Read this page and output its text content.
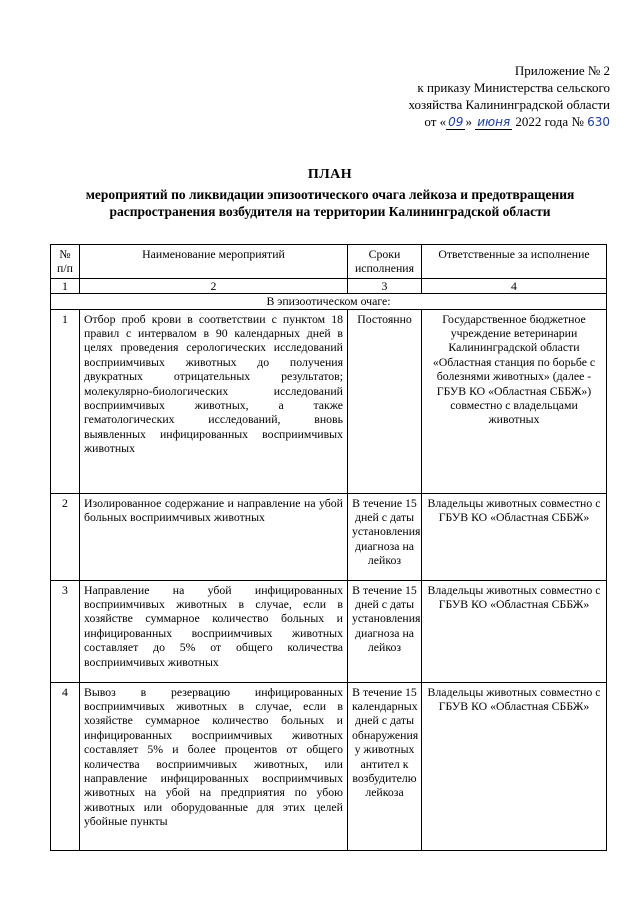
Приложение № 2
к приказу Министерства сельского
хозяйства Калининградской области
от « 09 » июня 2022 года № 630
ПЛАН
мероприятий по ликвидации эпизоотического очага лейкоза и предотвращения распространения возбудителя на территории Калининградской области
№ п/п	Наименование мероприятий	Сроки исполнения	Ответственные за исполнение
1	2	3	4
В эпизоотическом очаге:			
1	Отбор проб крови в соответствии с пунктом 18 правил с интервалом в 90 календарных дней в целях проведения серологических исследований восприимчивых животных до получения двукратных отрицательных результатов; молекулярно-биологических исследований восприимчивых животных, а также гематологических исследований, вновь выявленных инфицированных восприимчивых животных	Постоянно	Государственное бюджетное учреждение ветеринарии Калининградской области «Областная станция по борьбе с болезнями животных» (далее - ГБУВ КО «Областная СББЖ») совместно с владельцами животных
2	Изолированное содержание и направление на убой больных восприимчивых животных	В течение 15 дней с даты установления диагноза на лейкоз	Владельцы животных совместно с ГБУВ КО «Областная СББЖ»
3	Направление на убой инфицированных восприимчивых животных в случае, если в хозяйстве суммарное количество больных и инфицированных восприимчивых животных составляет до 5% от общего количества восприимчивых животных	В течение 15 дней с даты установления диагноза на лейкоз	Владельцы животных совместно с ГБУВ КО «Областная СББЖ»
4	Вывоз в резервацию инфицированных восприимчивых животных в случае, если в хозяйстве суммарное количество больных и инфицированных восприимчивых животных составляет 5% и более процентов от общего количества восприимчивых животных, или направление инфицированных восприимчивых животных на убой на предприятия по убою животных или оборудованные для этих целей убойные пункты	В течение 15 календарных дней с даты обнаружения у животных антител к возбудителю лейкоза	Владельцы животных совместно с ГБУВ КО «Областная СББЖ»
